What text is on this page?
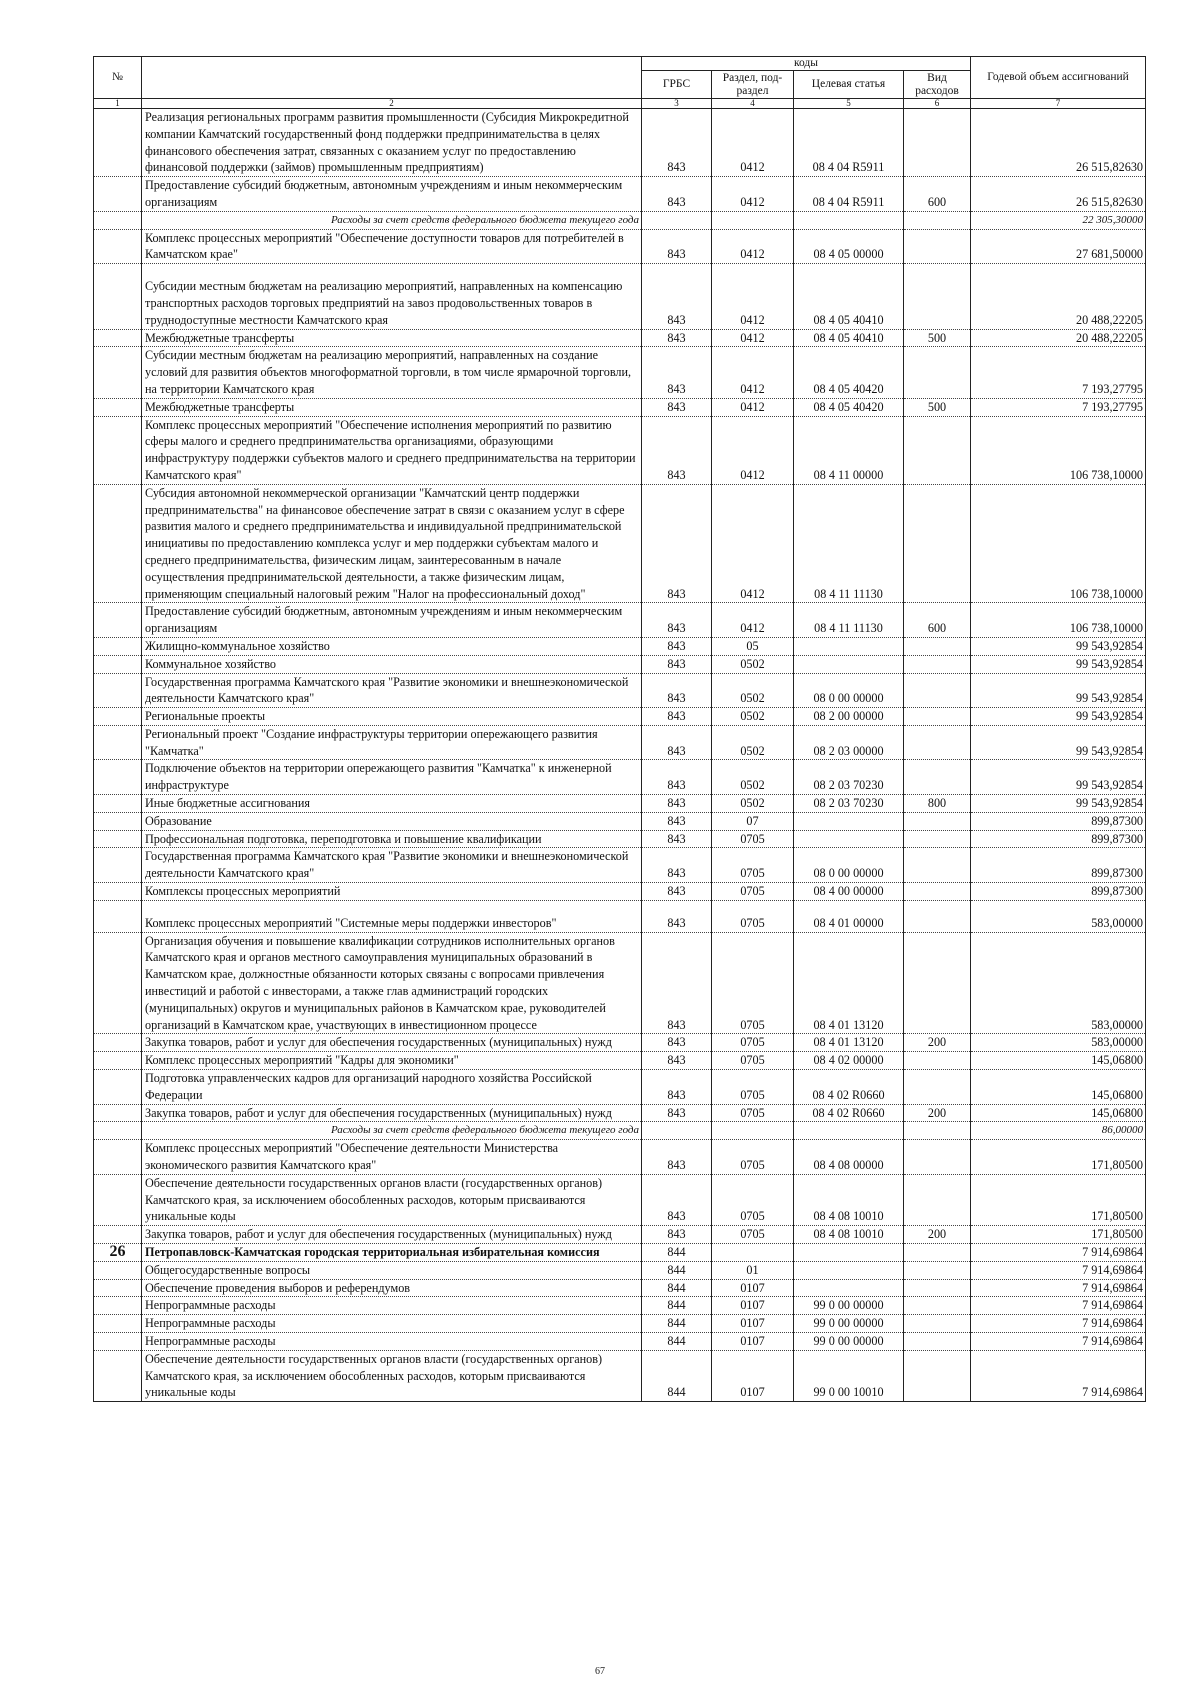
№		коды				Годевой объем ассигнований
		ГРБС	Раздел, под-раздел	Целевая статья	Вид расходов	
1	2	3	4	5	6	7
	Реализация региональных программ развития промышленности (Субсидия Микрокредитной компании Камчатский государственный фонд поддержки предпринимательства в целях финансового обеспечения затрат, связанных с оказанием услуг по предоставлению финансовой поддержки (займов) промышленным предприятиям)	843	0412	08 4 04 R5911		26 515,82630
	Предоставление субсидий бюджетным, автономным учреждениям и иным некоммерческим организациям	843	0412	08 4 04 R5911	600	26 515,82630
	Расходы за счет средств федерального бюджета текущего года					22 305,30000
	Комплекс процессных мероприятий "Обеспечение доступности товаров для потребителей в Камчатском крае"	843	0412	08 4 05 00000		27 681,50000
	Субсидии местным бюджетам на реализацию мероприятий, направленных на компенсацию транспортных расходов торговых предприятий на завоз продовольственных товаров в труднодоступные местности Камчатского края	843	0412	08 4 05 40410		20 488,22205
	Межбюджетные трансферты	843	0412	08 4 05 40410	500	20 488,22205
	Субсидии местным бюджетам на реализацию мероприятий, направленных на создание условий для развития объектов многоформатной торговли, в том числе ярмарочной торговли, на территории Камчатского края	843	0412	08 4 05 40420		7 193,27795
	Межбюджетные трансферты	843	0412	08 4 05 40420	500	7 193,27795
	Комплекс процессных мероприятий "Обеспечение исполнения мероприятий по развитию сферы малого и среднего предпринимательства организациями, образующими инфраструктуру поддержки субъектов малого и среднего предпринимательства на территории Камчатского края"	843	0412	08 4 11 00000		106 738,10000
	Субсидия автономной некоммерческой организации "Камчатский центр поддержки предпринимательства" на финансовое обеспечение затрат в связи с оказанием услуг в сфере развития малого и среднего предпринимательства и индивидуальной предпринимательской инициативы по предоставлению комплекса услуг и мер поддержки субъектам малого и среднего предпринимательства, физическим лицам, заинтересованным в начале осуществления предпринимательской деятельности, а также физическим лицам, применяющим специальный налоговый режим "Налог на профессиональный доход"	843	0412	08 4 11 11130		106 738,10000
	Предоставление субсидий бюджетным, автономным учреждениям и иным некоммерческим организациям	843	0412	08 4 11 11130	600	106 738,10000
	Жилищно-коммунальное хозяйство	843	05			99 543,92854
	Коммунальное хозяйство	843	0502			99 543,92854
	Государственная программа Камчатского края "Развитие экономики и внешнеэкономической деятельности Камчатского края"	843	0502	08 0 00 00000		99 543,92854
	Региональные проекты	843	0502	08 2 00 00000		99 543,92854
	Региональный проект "Создание инфраструктуры территории опережающего развития "Камчатка"	843	0502	08 2 03 00000		99 543,92854
	Подключение объектов на территории опережающего развития "Камчатка" к инженерной инфраструктуре	843	0502	08 2 03 70230		99 543,92854
	Иные бюджетные ассигнования	843	0502	08 2 03 70230	800	99 543,92854
	Образование	843	07			899,87300
	Профессиональная подготовка, переподготовка и повышение квалификации	843	0705			899,87300
	Государственная программа Камчатского края "Развитие экономики и внешнеэкономической деятельности Камчатского края"	843	0705	08 0 00 00000		899,87300
	Комплексы процессных мероприятий	843	0705	08 4 00 00000		899,87300
	Комплекс процессных мероприятий "Системные меры поддержки инвесторов"	843	0705	08 4 01 00000		583,00000
	Организация обучения и повышение квалификации сотрудников исполнительных органов Камчатского края и органов местного самоуправления муниципальных образований в Камчатском крае, должностные обязанности которых связаны с вопросами привлечения инвестиций и работой с инвесторами, а также глав администраций городских (муниципальных) округов и муниципальных районов в Камчатском крае, руководителей организаций в Камчатском крае, участвующих в инвестиционном процессе	843	0705	08 4 01 13120		583,00000
	Закупка товаров, работ и услуг для обеспечения государственных (муниципальных) нужд	843	0705	08 4 01 13120	200	583,00000
	Комплекс процессных мероприятий "Кадры для экономики"	843	0705	08 4 02 00000		145,06800
	Подготовка управленческих кадров для организаций народного хозяйства Российской Федерации	843	0705	08 4 02 R0660		145,06800
	Закупка товаров, работ и услуг для обеспечения государственных (муниципальных) нужд	843	0705	08 4 02 R0660	200	145,06800
	Расходы за счет средств федерального бюджета текущего года					86,00000
	Комплекс процессных мероприятий "Обеспечение деятельности Министерства экономического развития Камчатского края"	843	0705	08 4 08 00000		171,80500
	Обеспечение деятельности государственных органов власти (государственных органов) Камчатского края, за исключением обособленных расходов, которым присваиваются уникальные коды	843	0705	08 4 08 10010		171,80500
	Закупка товаров, работ и услуг для обеспечения государственных (муниципальных) нужд	843	0705	08 4 08 10010	200	171,80500
26	Петропавловск-Камчатская городская территориальная избирательная комиссия	844				7 914,69864
	Общегосударственные вопросы	844	01			7 914,69864
	Обеспечение проведения выборов и референдумов	844	0107			7 914,69864
	Непрограммные расходы	844	0107	99 0 00 00000		7 914,69864
	Непрограммные расходы	844	0107	99 0 00 00000		7 914,69864
	Непрограммные расходы	844	0107	99 0 00 00000		7 914,69864
	Обеспечение деятельности государственных органов власти (государственных органов) Камчатского края, за исключением обособленных расходов, которым присваиваются уникальные коды	844	0107	99 0 00 10010		7 914,69864
67
